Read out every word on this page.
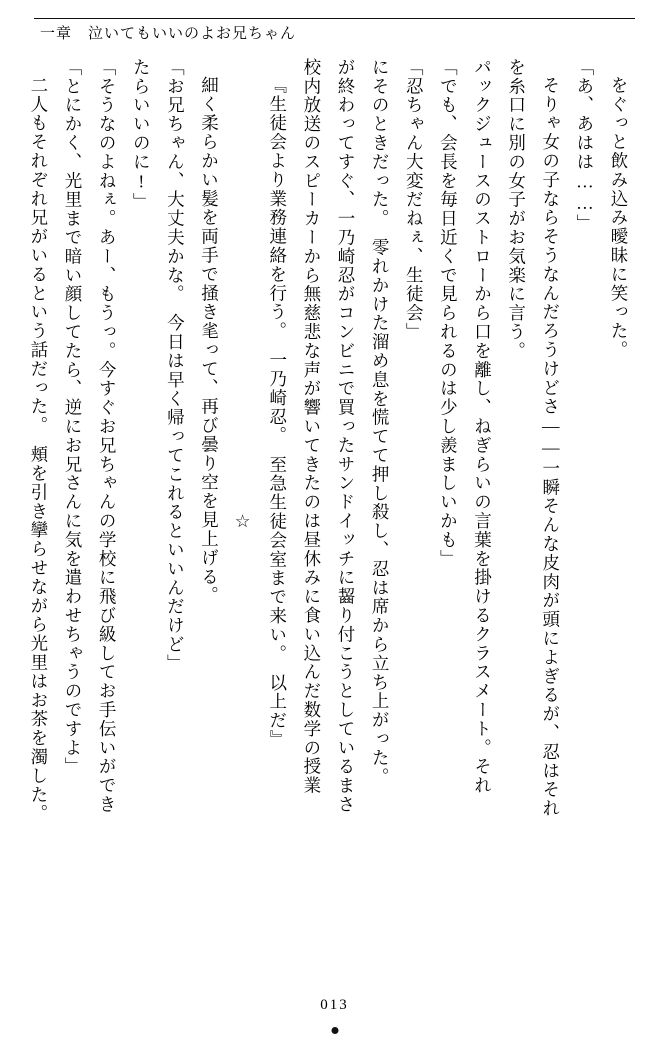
一章 泣いてもいいのよお兄ちゃん

をぐっと飲み込み曖昧に笑った。

「あ、あはは……」

そりゃ女の子ならそうなんだろうけどさ――一瞬そんな皮肉が頭によぎるが、忍はそれ

を糸口に別の女子がお気楽に言う。

パックジュースのストローから口を離し、ねぎらいの言葉を掛けるクラスメート。それ

「でも、会長を毎日近くで見られるのは少し羨ましいかも」

「忍ちゃん大変だねぇ、生徒会」

にそのときだった。　零れかけた溜め息を慌てて押し殺し、忍は席から立ち上がった。

が終わってすぐ、一乃崎忍がコンビニで買ったサンドイッチに齧り付こうとしているまさ

校内放送のスピーカーから無慈悲な声が響いてきたのは昼休みに食い込んだ数学の授業

『生徒会より業務連絡を行う。　一乃崎忍。　至急生徒会室まで来い。　以上だ』

☆

細く柔らかい髪を両手で掻き毟って、再び曇り空を見上げる。

「お兄ちゃん、大丈夫かな。　今日は早く帰ってこれるといいんだけど」

たらいいのに!」

「そうなのよねぇ。あー、もうっ。今すぐお兄ちゃんの学校に飛び級してお手伝いができ

「とにかく、光里まで暗い顔してたら、逆にお兄さんに気を遣わせちゃうのですよ」

二人もそれぞれ兄がいるという話だった。　頬を引き攣らせながら光里はお茶を濁した。

013
